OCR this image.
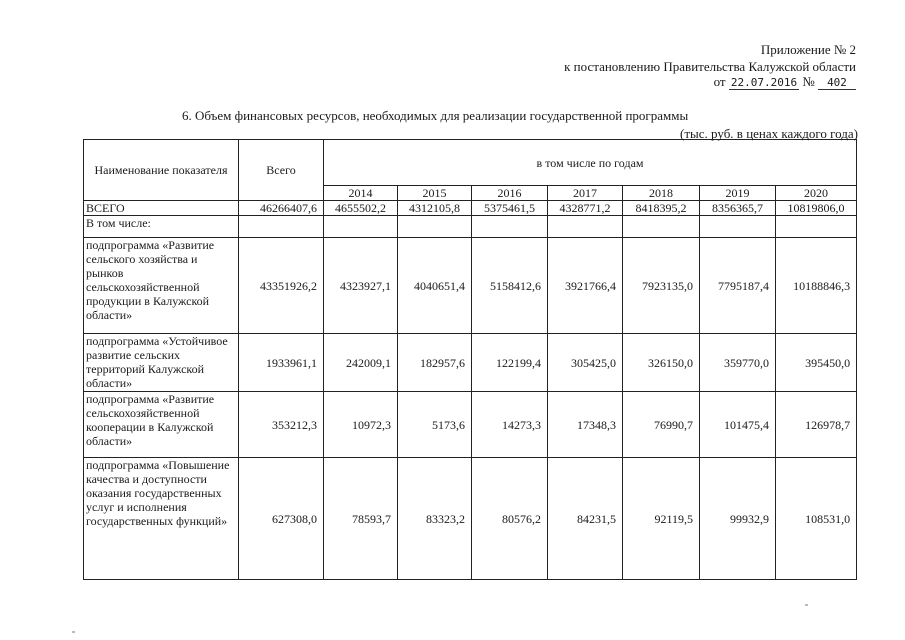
Приложение № 2
к постановлению Правительства Калужской области
от 22.07.2016 № 402
6. Объем финансовых ресурсов, необходимых для реализации государственной программы
(тыс. руб. в ценах каждого года)
Наименование показателя	Всего	в том числе по годам						
		2014	2015	2016	2017	2018	2019	2020
ВСЕГО	46266407,6	4655502,2	4312105,8	5375461,5	4328771,2	8418395,2	8356365,7	10819806,0
В том числе:								
подпрограмма «Развитие сельского хозяйства и рынков сельскохозяйственной продукции в Калужской области»	43351926,2	4323927,1	4040651,4	5158412,6	3921766,4	7923135,0	7795187,4	10188846,3
подпрограмма «Устойчивое развитие сельских территорий Калужской области»	1933961,1	242009,1	182957,6	122199,4	305425,0	326150,0	359770,0	395450,0
подпрограмма «Развитие сельскохозяйственной кооперации в Калужской области»	353212,3	10972,3	5173,6	14273,3	17348,3	76990,7	101475,4	126978,7
подпрограмма «Повышение качества и доступности оказания государственных услуг и исполнения государственных функций»	627308,0	78593,7	83323,2	80576,2	84231,5	92119,5	99932,9	108531,0
